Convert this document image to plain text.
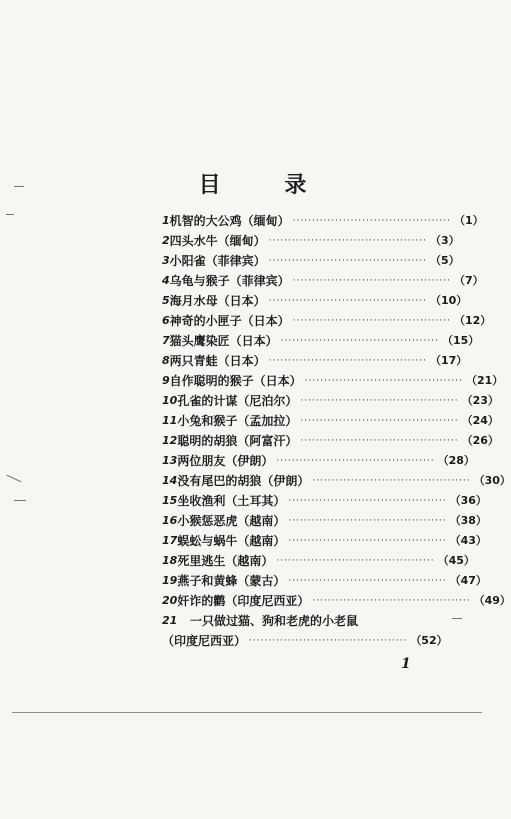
目 录
1 机智的大公鸡（缅甸） ········································· （1）
2 四头水牛（缅甸） ········································· （3）
3 小阳雀（菲律宾） ········································· （5）
4 乌龟与猴子（菲律宾） ········································· （7）
5 海月水母（日本） ········································· （10）
6 神奇的小匣子（日本） ········································· （12）
7 猫头鹰染匠（日本） ········································· （15）
8 两只青蛙（日本） ········································· （17）
9 自作聪明的猴子（日本） ········································· （21）
10 孔雀的计谋（尼泊尔） ········································· （23）
11 小兔和猴子（孟加拉） ········································· （24）
12 聪明的胡狼（阿富汗） ········································· （26）
13 两位朋友（伊朗） ········································· （28）
14 没有尾巴的胡狼（伊朗） ········································· （30）
15 坐收渔利（土耳其） ········································· （36）
16 小猴惩恶虎（越南） ········································· （38）
17 蜈蚣与蜗牛（越南） ········································· （43）
18 死里逃生（越南） ········································· （45）
19 燕子和黄蜂（蒙古） ········································· （47）
20 奸诈的鹳（印度尼西亚） ········································· （49）
21	一只做过猫、狗和老虎的小老鼠
（印度尼西亚） ········································· （52）
1
